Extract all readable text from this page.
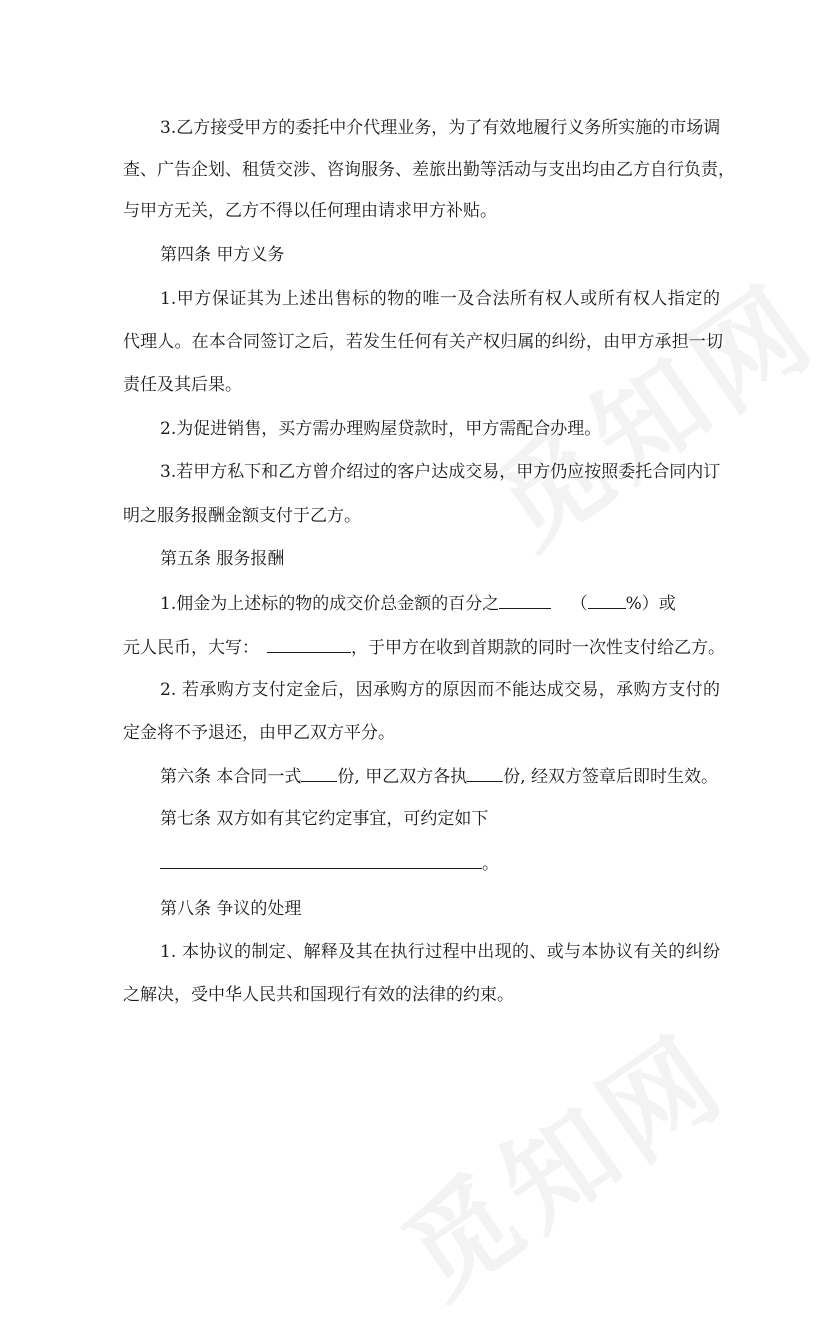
3.乙方接受甲方的委托中介代理业务，为了有效地履行义务所实施的市场调
查、广告企划、租赁交涉、咨询服务、差旅出勤等活动与支出均由乙方自行负责，
与甲方无关，乙方不得以任何理由请求甲方补贴。
第四条 甲方义务
1.甲方保证其为上述出售标的物的唯一及合法所有权人或所有权人指定的
代理人。在本合同签订之后，若发生任何有关产权归属的纠纷，由甲方承担一切
责任及其后果。
2.为促进销售，买方需办理购屋贷款时，甲方需配合办理。
3.若甲方私下和乙方曾介绍过的客户达成交易，甲方仍应按照委托合同内订
明之服务报酬金额支付于乙方。
第五条 服务报酬
1.佣金为上述标的物的成交价总金额的百分之	（ %）或
元人民币，大写：	，于甲方在收到首期款的同时一次性支付给乙方。
2. 若承购方支付定金后，因承购方的原因而不能达成交易，承购方支付的
定金将不予退还，由甲乙双方平分。
第六条 本合同一式 份, 甲乙双方各执 份, 经双方签章后即时生效。
第七条 双方如有其它约定事宜，可约定如下
。
第八条 争议的处理
1. 本协议的制定、解释及其在执行过程中出现的、或与本协议有关的纠纷
之解决，受中华人民共和国现行有效的法律的约束。
